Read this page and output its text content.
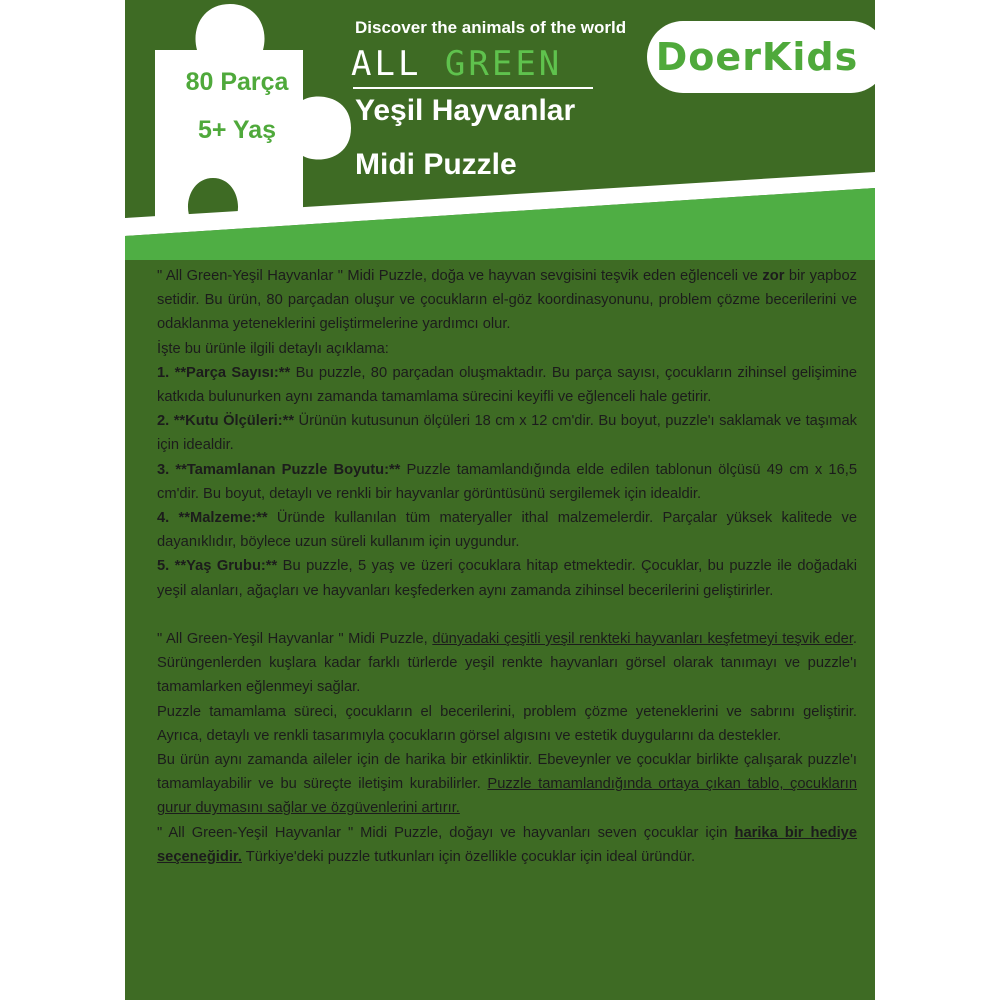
80 Parça
5+ Yaş
Discover the animals of the world
ALL GREEN
Yeşil Hayvanlar
Midi Puzzle
DoerKids

" All Green-Yeşil Hayvanlar " Midi Puzzle, doğa ve hayvan sevgisini teşvik eden eğlenceli ve zor bir yapboz setidir. Bu ürün, 80 parçadan oluşur ve çocukların el-göz koordinasyonunu, problem çözme becerilerini ve odaklanma yeteneklerini geliştirmelerine yardımcı olur.

İşte bu ürünle ilgili detaylı açıklama:

1. **Parça Sayısı:** Bu puzzle, 80 parçadan oluşmaktadır. Bu parça sayısı, çocukların zihinsel gelişimine katkıda bulunurken aynı zamanda tamamlama sürecini keyifli ve eğlenceli hale getirir.

2. **Kutu Ölçüleri:** Ürünün kutusunun ölçüleri 18 cm x 12 cm'dir. Bu boyut, puzzle'ı saklamak ve taşımak için idealdir.

3. **Tamamlanan Puzzle Boyutu:** Puzzle tamamlandığında elde edilen tablonun ölçüsü 49 cm x 16,5 cm'dir. Bu boyut, detaylı ve renkli bir hayvanlar görüntüsünü sergilemek için idealdir.

4. **Malzeme:** Üründe kullanılan tüm materyaller ithal malzemelerdir. Parçalar yüksek kalitede ve dayanıklıdır, böylece uzun süreli kullanım için uygundur.

5. **Yaş Grubu:** Bu puzzle, 5 yaş ve üzeri çocuklara hitap etmektedir. Çocuklar, bu puzzle ile doğadaki yeşil alanları, ağaçları ve hayvanları keşfederken aynı zamanda zihinsel becerilerini geliştirirler.

" All Green-Yeşil Hayvanlar " Midi Puzzle, dünyadaki çeşitli yeşil renkteki hayvanları keşfetmeyi teşvik eder. Sürüngenlerden kuşlara kadar farklı türlerde yeşil renkte hayvanları görsel olarak tanımayı ve puzzle'ı tamamlarken eğlenmeyi sağlar.

Puzzle tamamlama süreci, çocukların el becerilerini, problem çözme yeteneklerini ve sabrını geliştirir. Ayrıca, detaylı ve renkli tasarımıyla çocukların görsel algısını ve estetik duygularını da destekler.

Bu ürün aynı zamanda aileler için de harika bir etkinliktir. Ebeveynler ve çocuklar birlikte çalışarak puzzle'ı tamamlayabilir ve bu süreçte iletişim kurabilirler. Puzzle tamamlandığında ortaya çıkan tablo, çocukların gurur duymasını sağlar ve özgüvenlerini artırır.

" All Green-Yeşil Hayvanlar " Midi Puzzle, doğayı ve hayvanları seven çocuklar için harika bir hediye seçeneğidir. Türkiye'deki puzzle tutkunları için özellikle çocuklar için ideal üründür.
